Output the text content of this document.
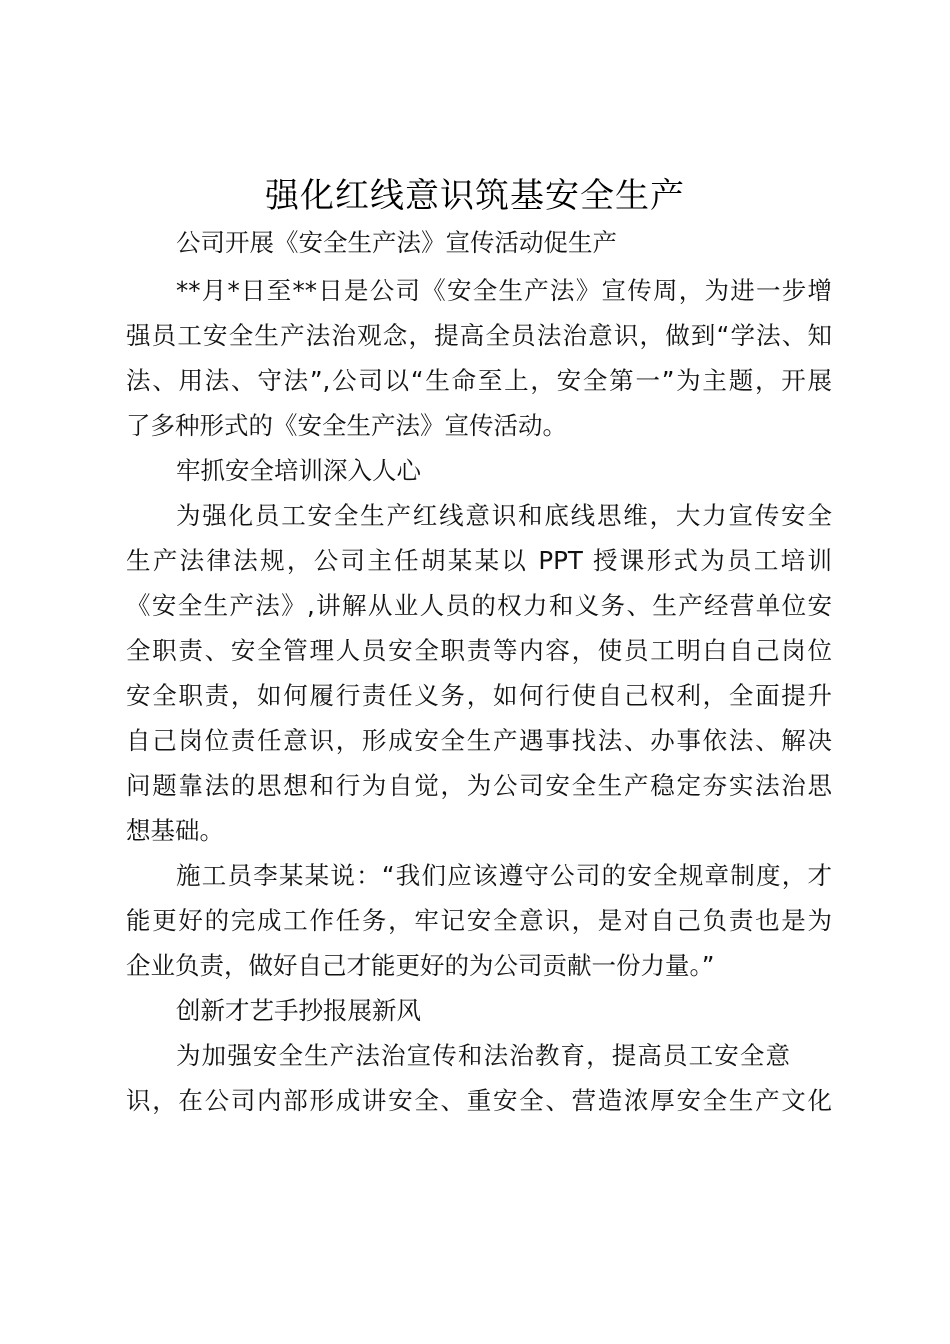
强化红线意识筑基安全生产
公司开展《安全生产法》宣传活动促生产
**月*日至**日是公司《安全生产法》宣传周，为进一步增
强员工安全生产法治观念，提高全员法治意识，做到“学法、知
法、用法、守法”,公司以“生命至上，安全第一”为主题，开展
了多种形式的《安全生产法》宣传活动。
牢抓安全培训深入人心
为强化员工安全生产红线意识和底线思维，大力宣传安全
生产法律法规，公司主任胡某某以 PPT 授课形式为员工培训
《安全生产法》,讲解从业人员的权力和义务、生产经营单位安
全职责、安全管理人员安全职责等内容，使员工明白自己岗位
安全职责，如何履行责任义务，如何行使自己权利，全面提升
自己岗位责任意识，形成安全生产遇事找法、办事依法、解决
问题靠法的思想和行为自觉，为公司安全生产稳定夯实法治思
想基础。
施工员李某某说：“我们应该遵守公司的安全规章制度，才
能更好的完成工作任务，牢记安全意识，是对自己负责也是为
企业负责，做好自己才能更好的为公司贡献一份力量。”
创新才艺手抄报展新风
为加强安全生产法治宣传和法治教育，提高员工安全意
识，在公司内部形成讲安全、重安全、营造浓厚安全生产文化
